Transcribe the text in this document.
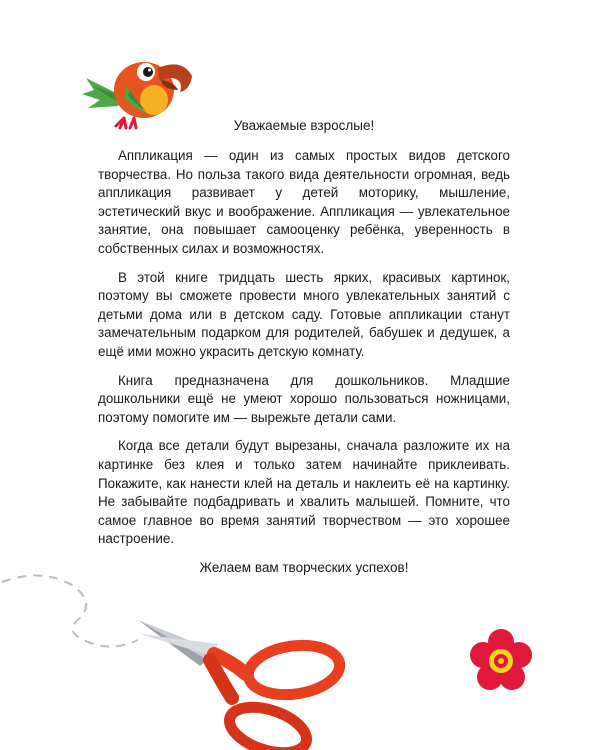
Уважаемые взрослые!

Аппликация — один из самых простых видов детского творчества. Но польза такого вида деятельности огромная, ведь аппликация развивает у детей моторику, мышление, эстетический вкус и воображение. Аппликация — увлекательное занятие, она повышает самооценку ребёнка, уверенность в собственных силах и возможностях.

В этой книге тридцать шесть ярких, красивых картинок, поэтому вы сможете провести много увлекательных занятий с детьми дома или в детском саду. Готовые аппликации станут замечательным подарком для родителей, бабушек и дедушек, а ещё ими можно украсить детскую комнату.

Книга предназначена для дошкольников. Младшие дошкольники ещё не умеют хорошо пользоваться ножницами, поэтому помогите им — вырежьте детали сами.

Когда все детали будут вырезаны, сначала разложите их на картинке без клея и только затем начинайте приклеивать. Покажите, как нанести клей на деталь и наклеить её на картинку. Не забывайте подбадривать и хвалить малышей. Помните, что самое главное во время занятий творчеством — это хорошее настроение.

Желаем вам творческих успехов!
